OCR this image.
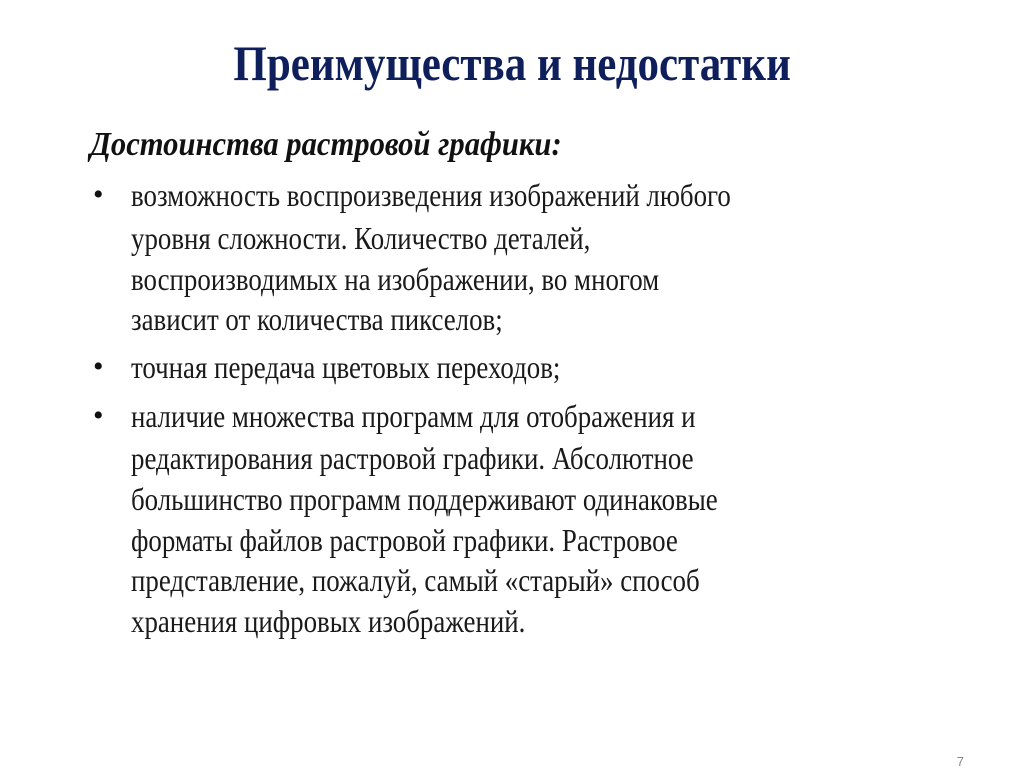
Преимущества и недостатки
Достоинства растровой графики:
• возможность воспроизведения изображений любого
уровня сложности. Количество деталей,
воспроизводимых на изображении, во многом
зависит от количества пикселов;
• точная передача цветовых переходов;
• наличие множества программ для отображения и
редактирования растровой графики. Абсолютное
большинство программ поддерживают одинаковые
форматы файлов растровой графики. Растровое
представление, пожалуй, самый «старый» способ
хранения цифровых изображений.
7
